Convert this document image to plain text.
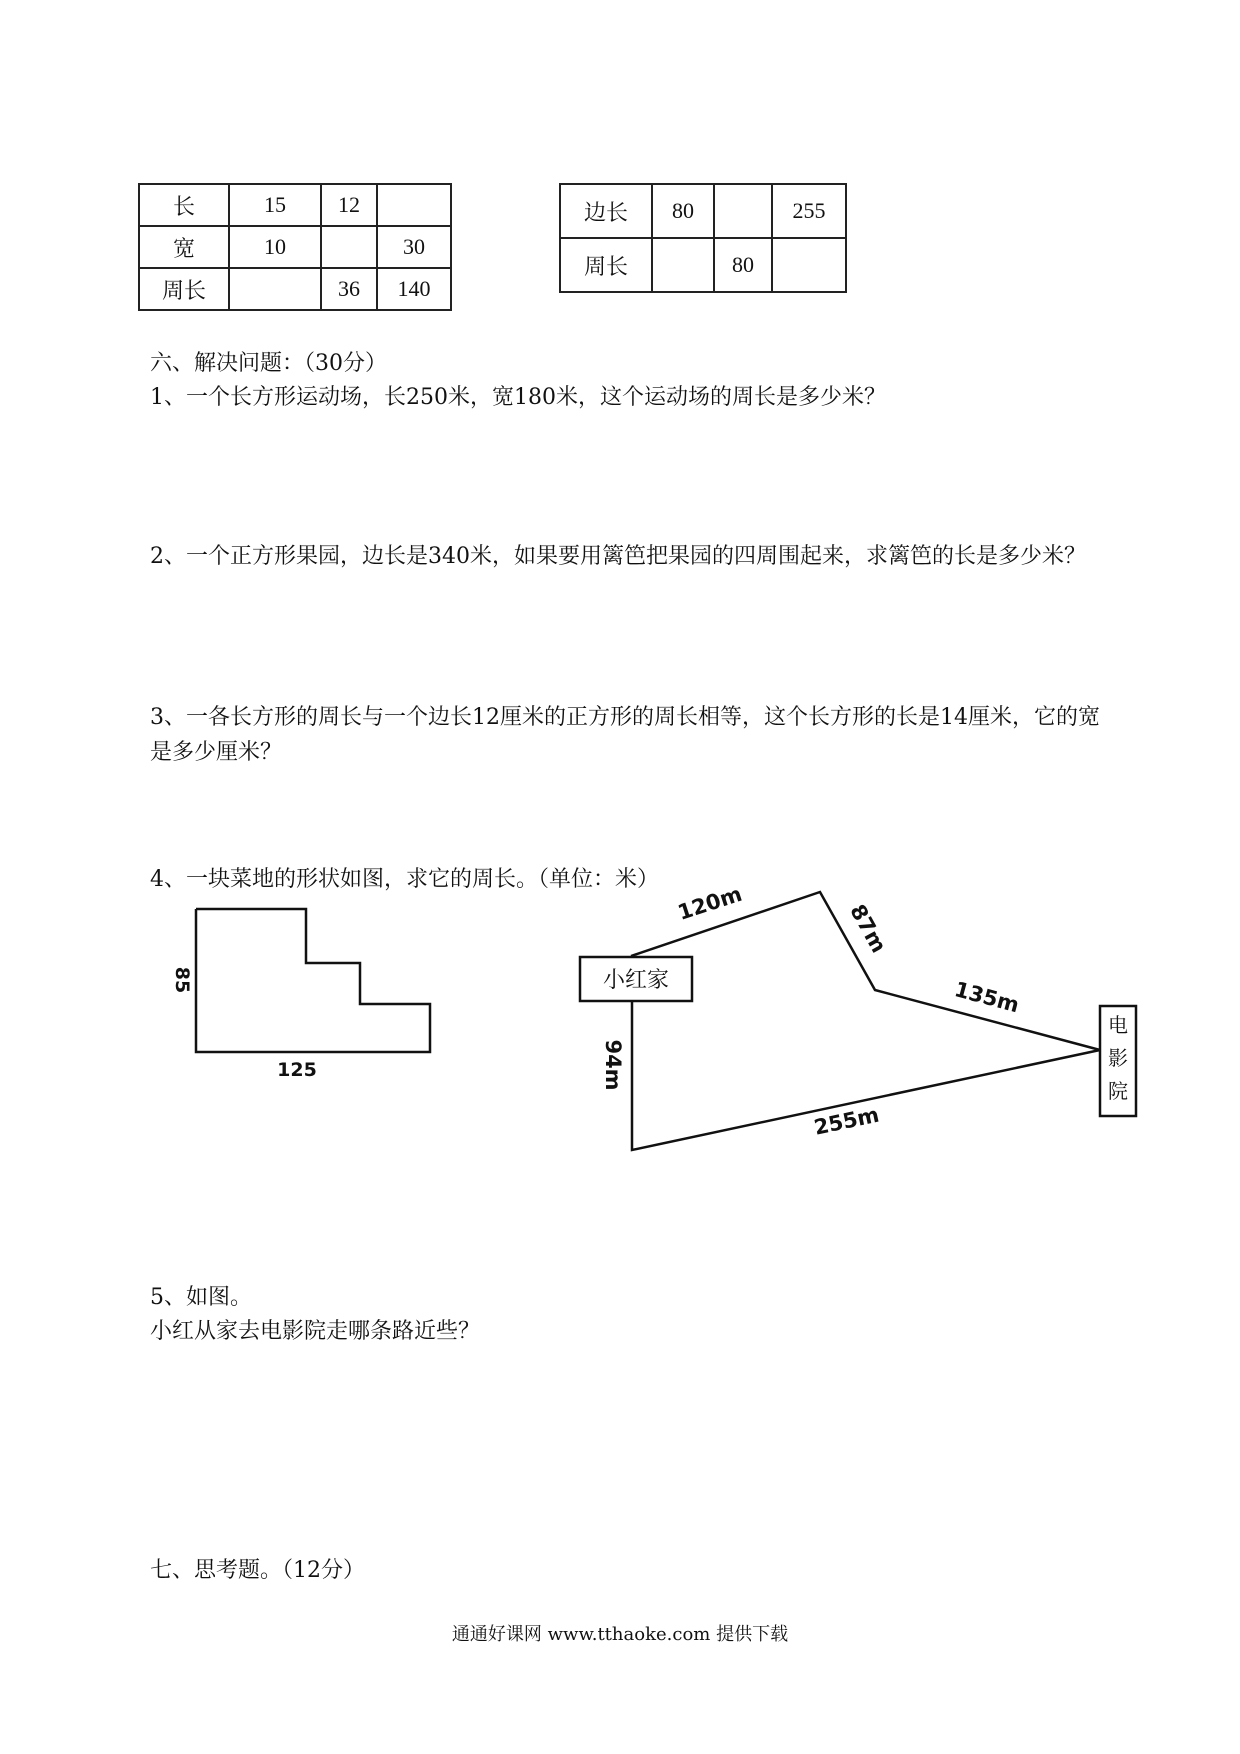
长	15	12	
宽	10		30
周长		36	140
边长	80		255
周长		80	
六、解决问题：（30分）
1、一个长方形运动场，长250米，宽180米，这个运动场的周长是多少米？
2、一个正方形果园，边长是340米，如果要用篱笆把果园的四周围起来，求篱笆的长是多少米？
3、一各长方形的周长与一个边长12厘米的正方形的周长相等，这个长方形的长是14厘米，它的宽
是多少厘米？
4、一块菜地的形状如图，求它的周长。（单位：米）
85
125
小红家
电
影
院
120m	87m
135m
94m
255m
5、如图。
小红从家去电影院走哪条路近些？
七、思考题。（12分）
通通好课网 www.tthaoke.com 提供下载
